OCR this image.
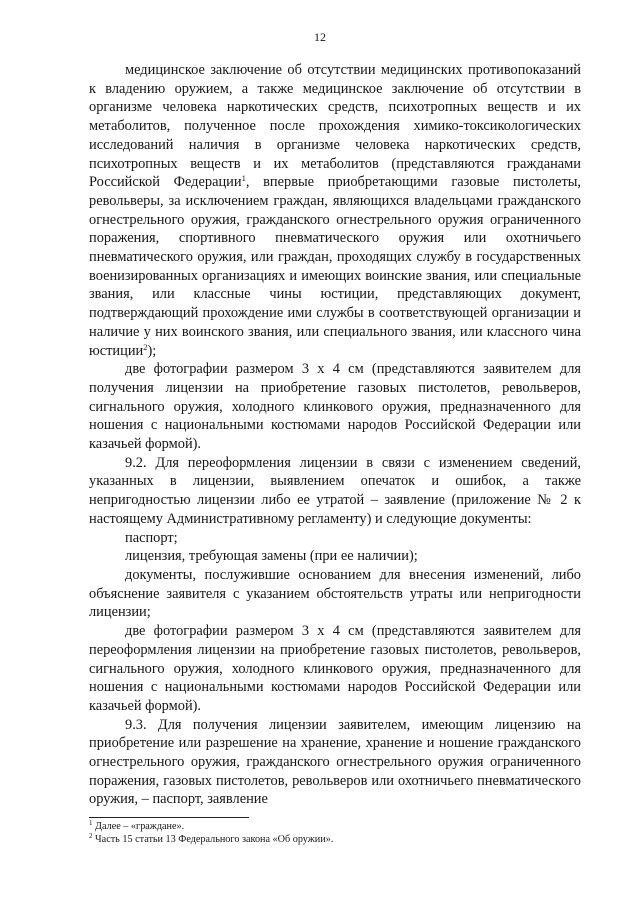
12

медицинское заключение об отсутствии медицинских противопоказаний к владению оружием, а также медицинское заключение об отсутствии в организме человека наркотических средств, психотропных веществ и их метаболитов, полученное после прохождения химико-токсикологических исследований наличия в организме человека наркотических средств, психотропных веществ и их метаболитов (представляются гражданами Российской Федерации$^1$, впервые приобретающими газовые пистолеты, револьверы, за исключением граждан, являющихся владельцами гражданского огнестрельного оружия, гражданского огнестрельного оружия ограниченного поражения, спортивного пневматического оружия или охотничьего пневматического оружия, или граждан, проходящих службу в государственных военизированных организациях и имеющих воинские звания, или специальные звания, или классные чины юстиции, представляющих документ, подтверждающий прохождение ими службы в соответствующей организации и наличие у них воинского звания, или специального звания, или классного чина юстиции$^2$);

две фотографии размером 3 х 4 см (представляются заявителем для получения лицензии на приобретение газовых пистолетов, револьверов, сигнального оружия, холодного клинкового оружия, предназначенного для ношения с национальными костюмами народов Российской Федерации или казачьей формой).

9.2. Для переоформления лицензии в связи с изменением сведений, указанных в лицензии, выявлением опечаток и ошибок, а также непригодностью лицензии либо ее утратой – заявление (приложение № 2 к настоящему Административному регламенту) и следующие документы:

паспорт;

лицензия, требующая замены (при ее наличии);

документы, послужившие основанием для внесения изменений, либо объяснение заявителя с указанием обстоятельств утраты или непригодности лицензии;

две фотографии размером 3 х 4 см (представляются заявителем для переоформления лицензии на приобретение газовых пистолетов, револьверов, сигнального оружия, холодного клинкового оружия, предназначенного для ношения с национальными костюмами народов Российской Федерации или казачьей формой).

9.3. Для получения лицензии заявителем, имеющим лицензию на приобретение или разрешение на хранение, хранение и ношение гражданского огнестрельного оружия, гражданского огнестрельного оружия ограниченного поражения, газовых пистолетов, револьверов или охотничьего пневматического оружия, – паспорт, заявление

$^1$ Далее – «граждане».
$^2$ Часть 15 статьи 13 Федерального закона «Об оружии».
